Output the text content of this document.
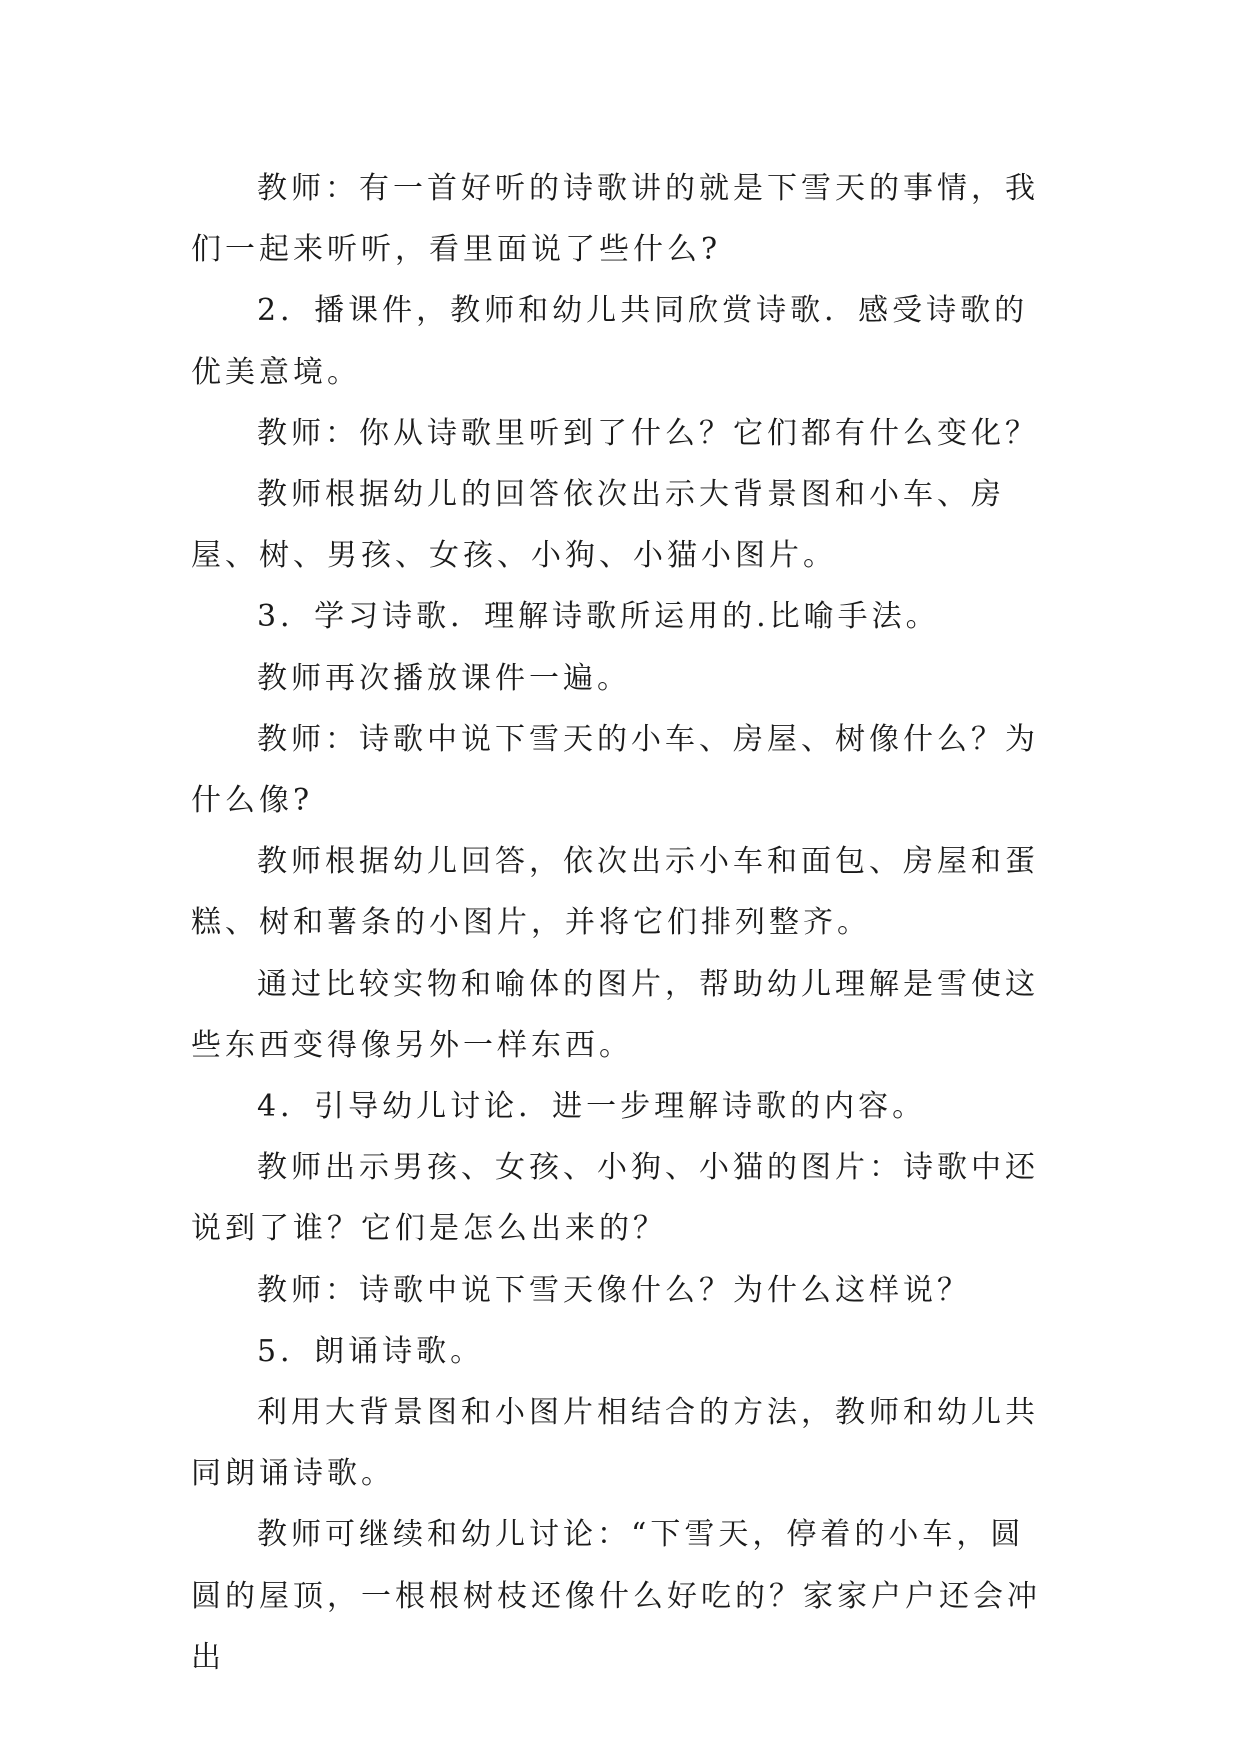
教师：有一首好听的诗歌讲的就是下雪天的事情，我们一起来听听，看里面说了些什么?

2．播课件，教师和幼儿共同欣赏诗歌．感受诗歌的优美意境。

教师：你从诗歌里听到了什么？它们都有什么变化？

教师根据幼儿的回答依次出示大背景图和小车、房屋、树、男孩、女孩、小狗、小猫小图片。

3．学习诗歌．理解诗歌所运用的.比喻手法。

教师再次播放课件一遍。

教师：诗歌中说下雪天的小车、房屋、树像什么？为什么像?

教师根据幼儿回答，依次出示小车和面包、房屋和蛋糕、树和薯条的小图片，并将它们排列整齐。

通过比较实物和喻体的图片，帮助幼儿理解是雪使这些东西变得像另外一样东西。

4．引导幼儿讨论．进一步理解诗歌的内容。

教师出示男孩、女孩、小狗、小猫的图片：诗歌中还说到了谁？它们是怎么出来的？

教师：诗歌中说下雪天像什么？为什么这样说？

5．朗诵诗歌。

利用大背景图和小图片相结合的方法，教师和幼儿共同朗诵诗歌。

教师可继续和幼儿讨论：“下雪天，停着的小车，圆圆的屋顶，一根根树枝还像什么好吃的？家家户户还会冲出
